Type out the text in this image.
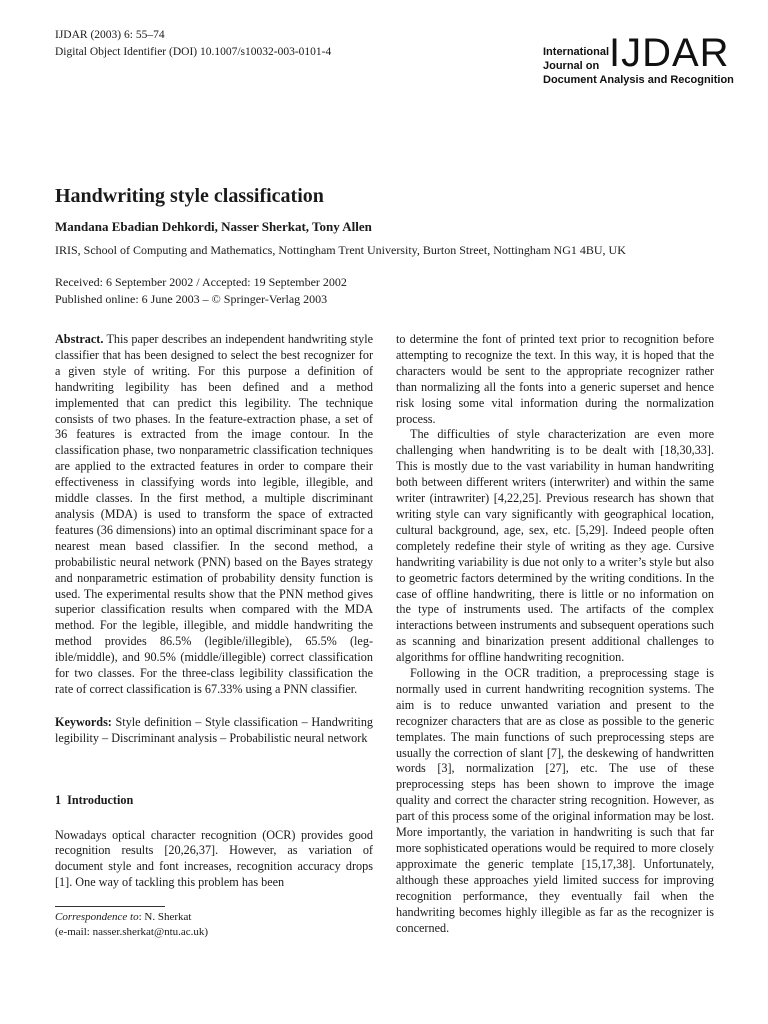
IJDAR (2003) 6: 55–74
Digital Object Identifier (DOI) 10.1007/s10032-003-0101-4	International
Journal on

Document Analysis and Recognition
IJDAR
Handwriting style classification
Mandana Ebadian Dehkordi, Nasser Sherkat, Tony Allen
IRIS, School of Computing and Mathematics, Nottingham Trent University, Burton Street, Nottingham NG1 4BU, UK
Received: 6 September 2002 / Accepted: 19 September 2002
Published online: 6 June 2003 – © Springer-Verlag 2003

Abstract. This paper describes an independent handwriting style classifier that has been designed to select the best recognizer for a given style of writing. For this purpose a definition of handwriting legibility has been defined and a method implemented that can predict this legibility. The technique consists of two phases. In the feature-extraction phase, a set of 36 features is extracted from the image contour. In the classification phase, two nonparametric classification techniques are applied to the extracted features in order to compare their effectiveness in classifying words into legible, illegible, and middle classes. In the first method, a multiple discriminant analysis (MDA) is used to transform the space of extracted features (36 dimensions) into an optimal discriminant space for a nearest mean based classifier. In the second method, a probabilistic neural network (PNN) based on the Bayes strategy and nonparametric estimation of probability density function is used. The experimental results show that the PNN method gives superior classification results when compared with the MDA method. For the legible, illegible, and middle handwriting the method provides 86.5% (legible/illegible), 65.5% (legible/middle), and 90.5% (middle/illegible) correct classification for two classes. For the three-class legibility classification the rate of correct classification is 67.33% using a PNN classifier.

Keywords: Style definition – Style classification – Handwriting legibility – Discriminant analysis – Probabilistic neural network

1 Introduction

Nowadays optical character recognition (OCR) provides good recognition results [20,26,37]. However, as variation of document style and font increases, recognition accuracy drops [1]. One way of tackling this problem has been

Correspondence to: N. Sherkat
(e-mail: nasser.sherkat@ntu.ac.uk)

to determine the font of printed text prior to recognition before attempting to recognize the text. In this way, it is hoped that the characters would be sent to the appropriate recognizer rather than normalizing all the fonts into a generic superset and hence risk losing some vital information during the normalization process.

The difficulties of style characterization are even more challenging when handwriting is to be dealt with [18,30,33]. This is mostly due to the vast variability in human handwriting both between different writers (interwriter) and within the same writer (intrawriter) [4,22,25]. Previous research has shown that writing style can vary significantly with geographical location, cultural background, age, sex, etc. [5,29]. Indeed people often completely redefine their style of writing as they age. Cursive handwriting variability is due not only to a writer’s style but also to geometric factors determined by the writing conditions. In the case of offline handwriting, there is little or no information on the type of instruments used. The artifacts of the complex interactions between instruments and subsequent operations such as scanning and binarization present additional challenges to algorithms for offline handwriting recognition.

Following in the OCR tradition, a preprocessing stage is normally used in current handwriting recognition systems. The aim is to reduce unwanted variation and present to the recognizer characters that are as close as possible to the generic templates. The main functions of such preprocessing steps are usually the correction of slant [7], the deskewing of handwritten words [3], normalization [27], etc. The use of these preprocessing steps has been shown to improve the image quality and correct the character string recognition. However, as part of this process some of the original information may be lost. More importantly, the variation in handwriting is such that far more sophisticated operations would be required to more closely approximate the generic template [15,17,38]. Unfortunately, although these approaches yield limited success for improving recognition performance, they eventually fail when the handwriting becomes highly illegible as far as the recognizer is concerned.
